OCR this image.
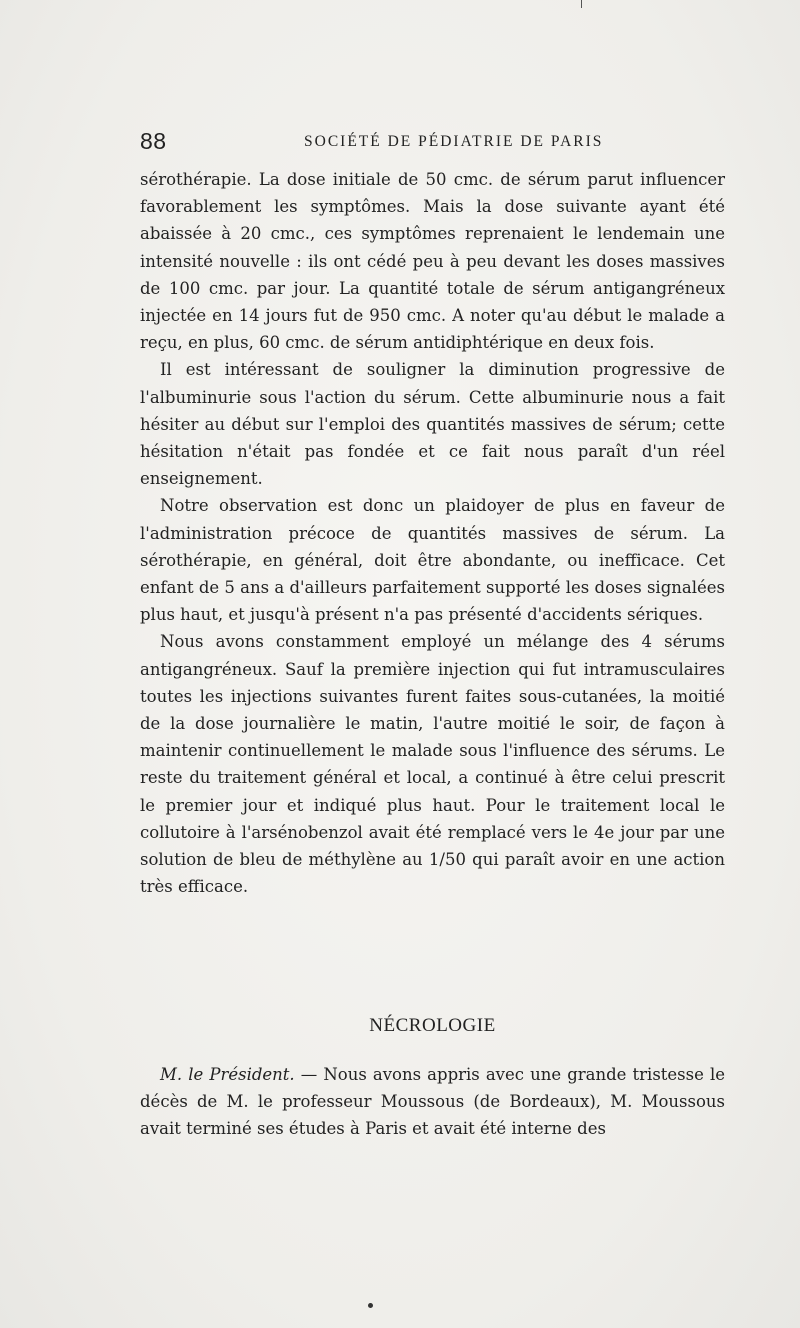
88	SOCIÉTÉ DE PÉDIATRIE DE PARIS

sérothérapie. La dose initiale de 50 cmc. de sérum parut influencer favorablement les symptômes. Mais la dose suivante ayant été abaissée à 20 cmc., ces symptômes reprenaient le lendemain une intensité nouvelle : ils ont cédé peu à peu devant les doses massives de 100 cmc. par jour. La quantité totale de sérum antigangréneux injectée en 14 jours fut de 950 cmc. A noter qu'au début le malade a reçu, en plus, 60 cmc. de sérum antidiphtérique en deux fois.

Il est intéressant de souligner la diminution progressive de l'albuminurie sous l'action du sérum. Cette albuminurie nous a fait hésiter au début sur l'emploi des quantités massives de sérum; cette hésitation n'était pas fondée et ce fait nous paraît d'un réel enseignement.

Notre observation est donc un plaidoyer de plus en faveur de l'administration précoce de quantités massives de sérum. La sérothérapie, en général, doit être abondante, ou inefficace. Cet enfant de 5 ans a d'ailleurs parfaitement supporté les doses signalées plus haut, et jusqu'à présent n'a pas présenté d'accidents sériques.

Nous avons constamment employé un mélange des 4 sérums antigangréneux. Sauf la première injection qui fut intramusculaires toutes les injections suivantes furent faites sous-cutanées, la moitié de la dose journalière le matin, l'autre moitié le soir, de façon à maintenir continuellement le malade sous l'influence des sérums. Le reste du traitement général et local, a continué à être celui prescrit le premier jour et indiqué plus haut. Pour le traitement local le collutoire à l'arsénobenzol avait été remplacé vers le 4e jour par une solution de bleu de méthylène au 1/50 qui paraît avoir en une action très efficace.

NÉCROLOGIE

M. le Président. — Nous avons appris avec une grande tristesse le décès de M. le professeur Moussous (de Bordeaux), M. Moussous avait terminé ses études à Paris et avait été interne des
